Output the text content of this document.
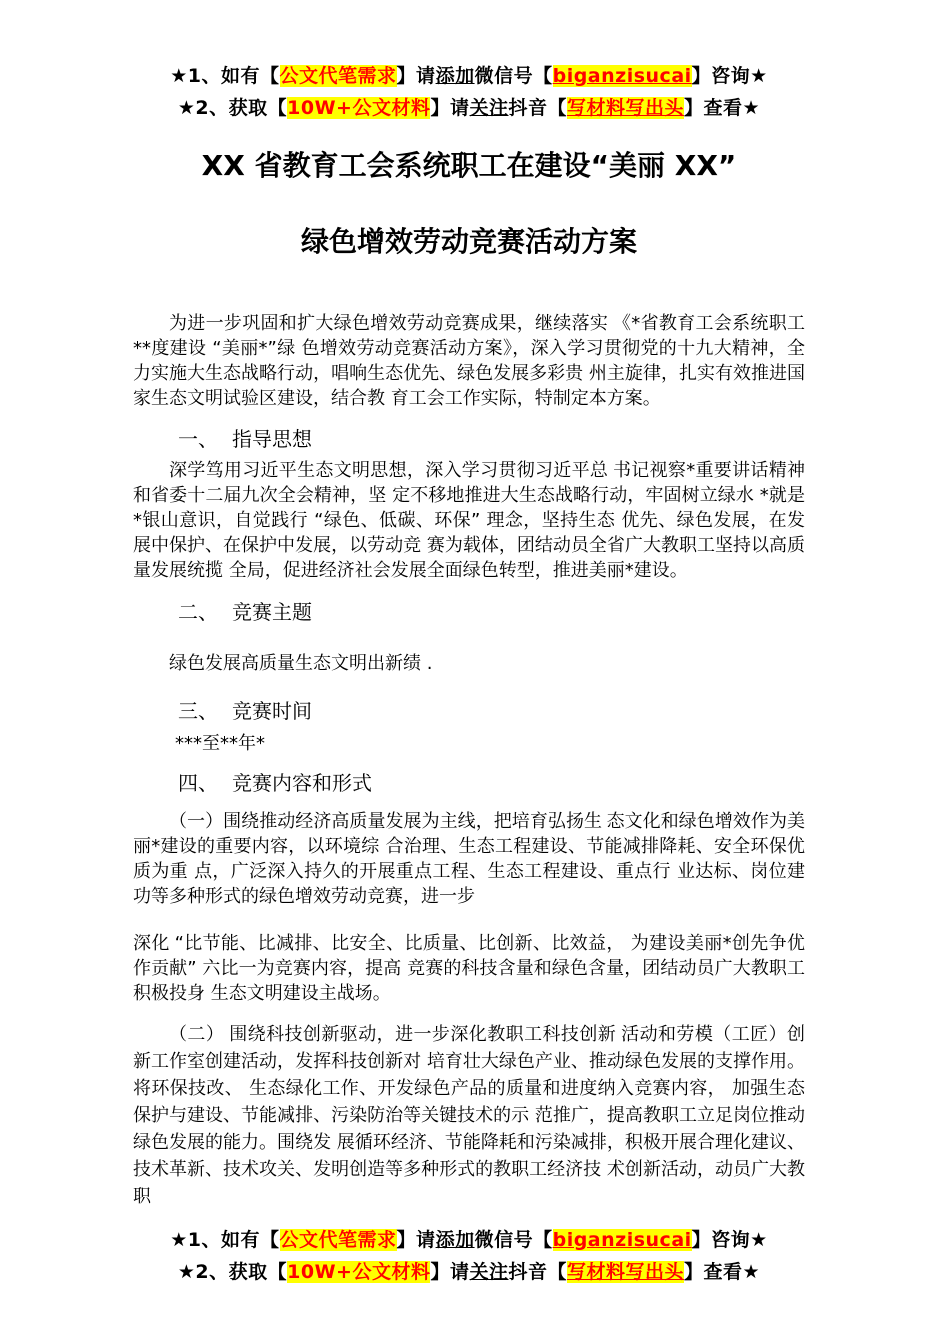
★1、如有【公文代笔需求】请添加微信号【biganzisucai】咨询★

★2、获取【10W+公文材料】请关注抖音【写材料写出头】查看★

XX 省教育工会系统职工在建设“美丽 XX”
绿色增效劳动竞赛活动方案

为进一步巩固和扩大绿色增效劳动竞赛成果，继续落实 《*省教育工会系统职工**度建设 “美丽*”绿 色增效劳动竞赛活动方案》，深入学习贯彻党的十九大精神，全力实施大生态战略行动，唱响生态优先、绿色发展多彩贵 州主旋律，扎实有效推进国家生态文明试验区建设，结合教 育工会工作实际，特制定本方案。

一、 指导思想

深学笃用习近平生态文明思想，深入学习贯彻习近平总 书记视察*重要讲话精神和省委十二届九次全会精神，坚 定不移地推进大生态战略行动，牢固树立绿水 *就是*银山意识，自觉践行 “绿色、低碳、环保” 理念，坚持生态 优先、绿色发展，在发展中保护、在保护中发展，以劳动竞 赛为载体，团结动员全省广大教职工坚持以高质量发展统揽 全局，促进经济社会发展全面绿色转型，推进美丽*建设。

二、 竞赛主题

绿色发展高质量生态文明出新绩 .

三、 竞赛时间

***至**年*

四、 竞赛内容和形式

（一）围绕推动经济高质量发展为主线，把培育弘扬生 态文化和绿色增效作为美丽*建设的重要内容，以环境综 合治理、生态工程建设、节能减排降耗、安全环保优质为重 点，广泛深入持久的开展重点工程、生态工程建设、重点行 业达标、岗位建功等多种形式的绿色增效劳动竞赛，进一步

深化 “比节能、比减排、比安全、比质量、比创新、比效益， 为建设美丽*创先争优作贡献” 六比一为竞赛内容，提高 竞赛的科技含量和绿色含量，团结动员广大教职工积极投身 生态文明建设主战场。

（二） 围绕科技创新驱动，进一步深化教职工科技创新 活动和劳模（工匠）创新工作室创建活动，发挥科技创新对 培育壮大绿色产业、推动绿色发展的支撑作用。将环保技改、 生态绿化工作、开发绿色产品的质量和进度纳入竞赛内容， 加强生态保护与建设、节能减排、污染防治等关键技术的示 范推广，提高教职工立足岗位推动绿色发展的能力。围绕发 展循环经济、节能降耗和污染减排，积极开展合理化建议、 技术革新、技术攻关、发明创造等多种形式的教职工经济技 术创新活动，动员广大教职

★1、如有【公文代笔需求】请添加微信号【biganzisucai】咨询★

★2、获取【10W+公文材料】请关注抖音【写材料写出头】查看★
